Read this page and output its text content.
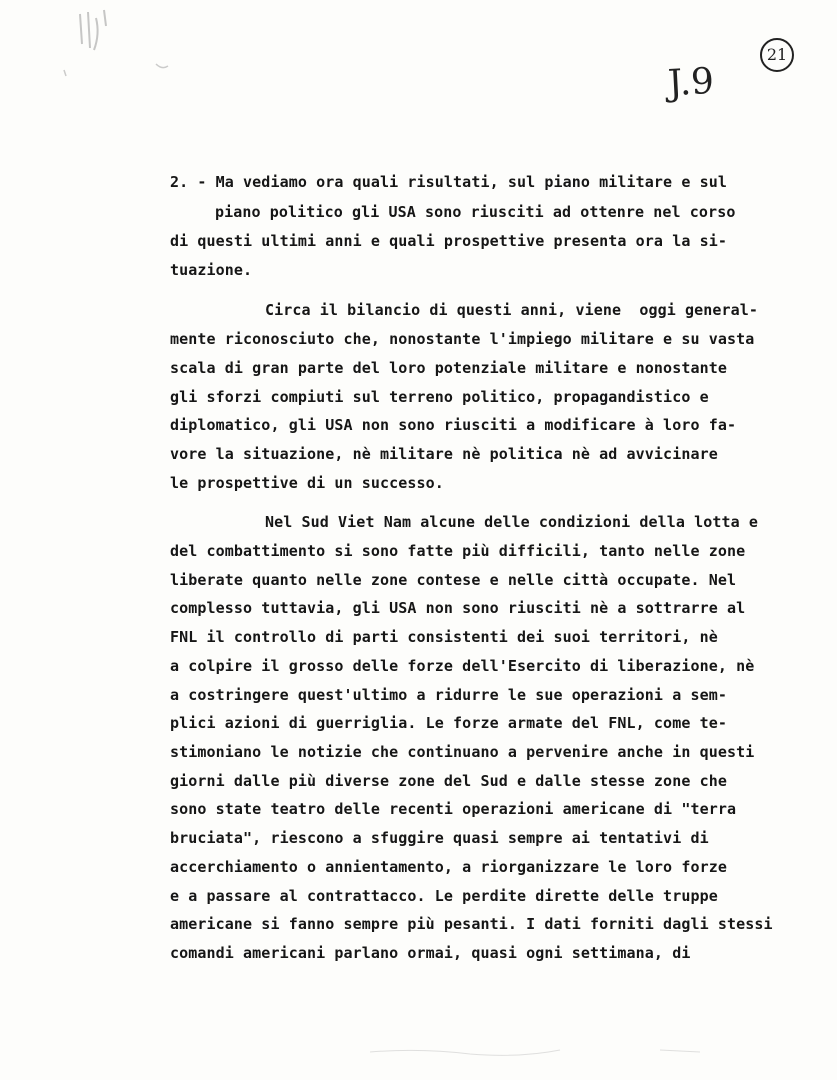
J.9
21
2. - Ma vediamo ora quali risultati, sul piano militare e sul
piano politico gli USA sono riusciti ad ottenre nel corso
di questi ultimi anni e quali prospettive presenta ora la si-
tuazione.
Circa il bilancio di questi anni, viene  oggi general-
mente riconosciuto che, nonostante l'impiego militare e su vasta
scala di gran parte del loro potenziale militare e nonostante
gli sforzi compiuti sul terreno politico, propagandistico e
diplomatico, gli USA non sono riusciti a modificare à loro fa-
vore la situazione, nè militare nè politica nè ad avvicinare
le prospettive di un successo.
Nel Sud Viet Nam alcune delle condizioni della lotta e
del combattimento si sono fatte più difficili, tanto nelle zone
liberate quanto nelle zone contese e nelle città occupate. Nel
complesso tuttavia, gli USA non sono riusciti nè a sottrarre al
FNL il controllo di parti consistenti dei suoi territori, nè
a colpire il grosso delle forze dell'Esercito di liberazione, nè
a costringere quest'ultimo a ridurre le sue operazioni a sem-
plici azioni di guerriglia. Le forze armate del FNL, come te-
stimoniano le notizie che continuano a pervenire anche in questi
giorni dalle più diverse zone del Sud e dalle stesse zone che
sono state teatro delle recenti operazioni americane di "terra
bruciata", riescono a sfuggire quasi sempre ai tentativi di
accerchiamento o annientamento, a riorganizzare le loro forze
e a passare al contrattacco. Le perdite dirette delle truppe
americane si fanno sempre più pesanti. I dati forniti dagli stessi
comandi americani parlano ormai, quasi ogni settimana, di
